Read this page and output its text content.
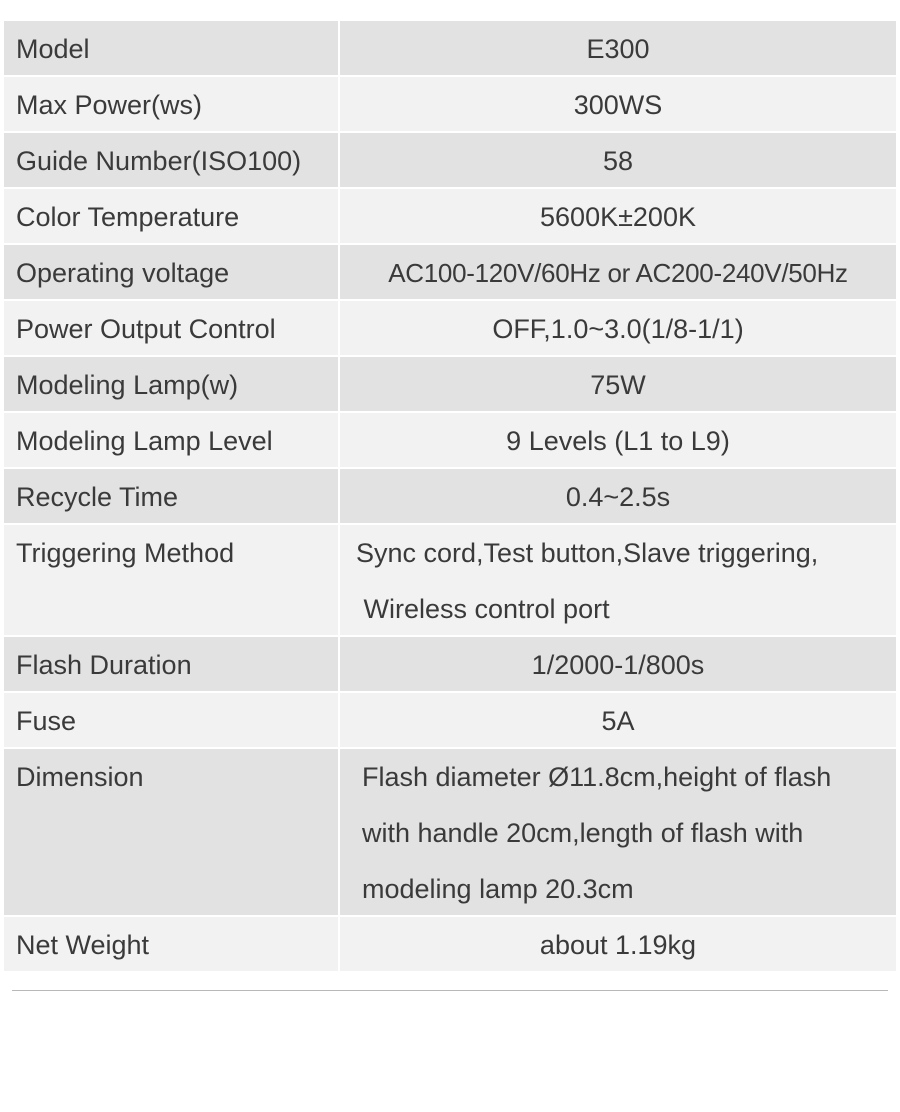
Model	E300
Max Power(ws)	300WS
Guide Number(ISO100)	58
Color Temperature	5600K±200K
Operating voltage	AC100-120V/60Hz or AC200-240V/50Hz
Power Output Control	OFF,1.0~3.0(1/8-1/1)
Modeling Lamp(w)	75W
Modeling Lamp Level	9 Levels (L1 to L9)
Recycle Time	0.4~2.5s
Triggering Method	Sync cord,Test button,Slave triggering,
Wireless control port
Flash Duration	1/2000-1/800s
Fuse	5A
Dimension	Flash diameter Ø11.8cm,height of flash
with handle 20cm,length of flash with
modeling lamp 20.3cm
Net Weight	about 1.19kg
